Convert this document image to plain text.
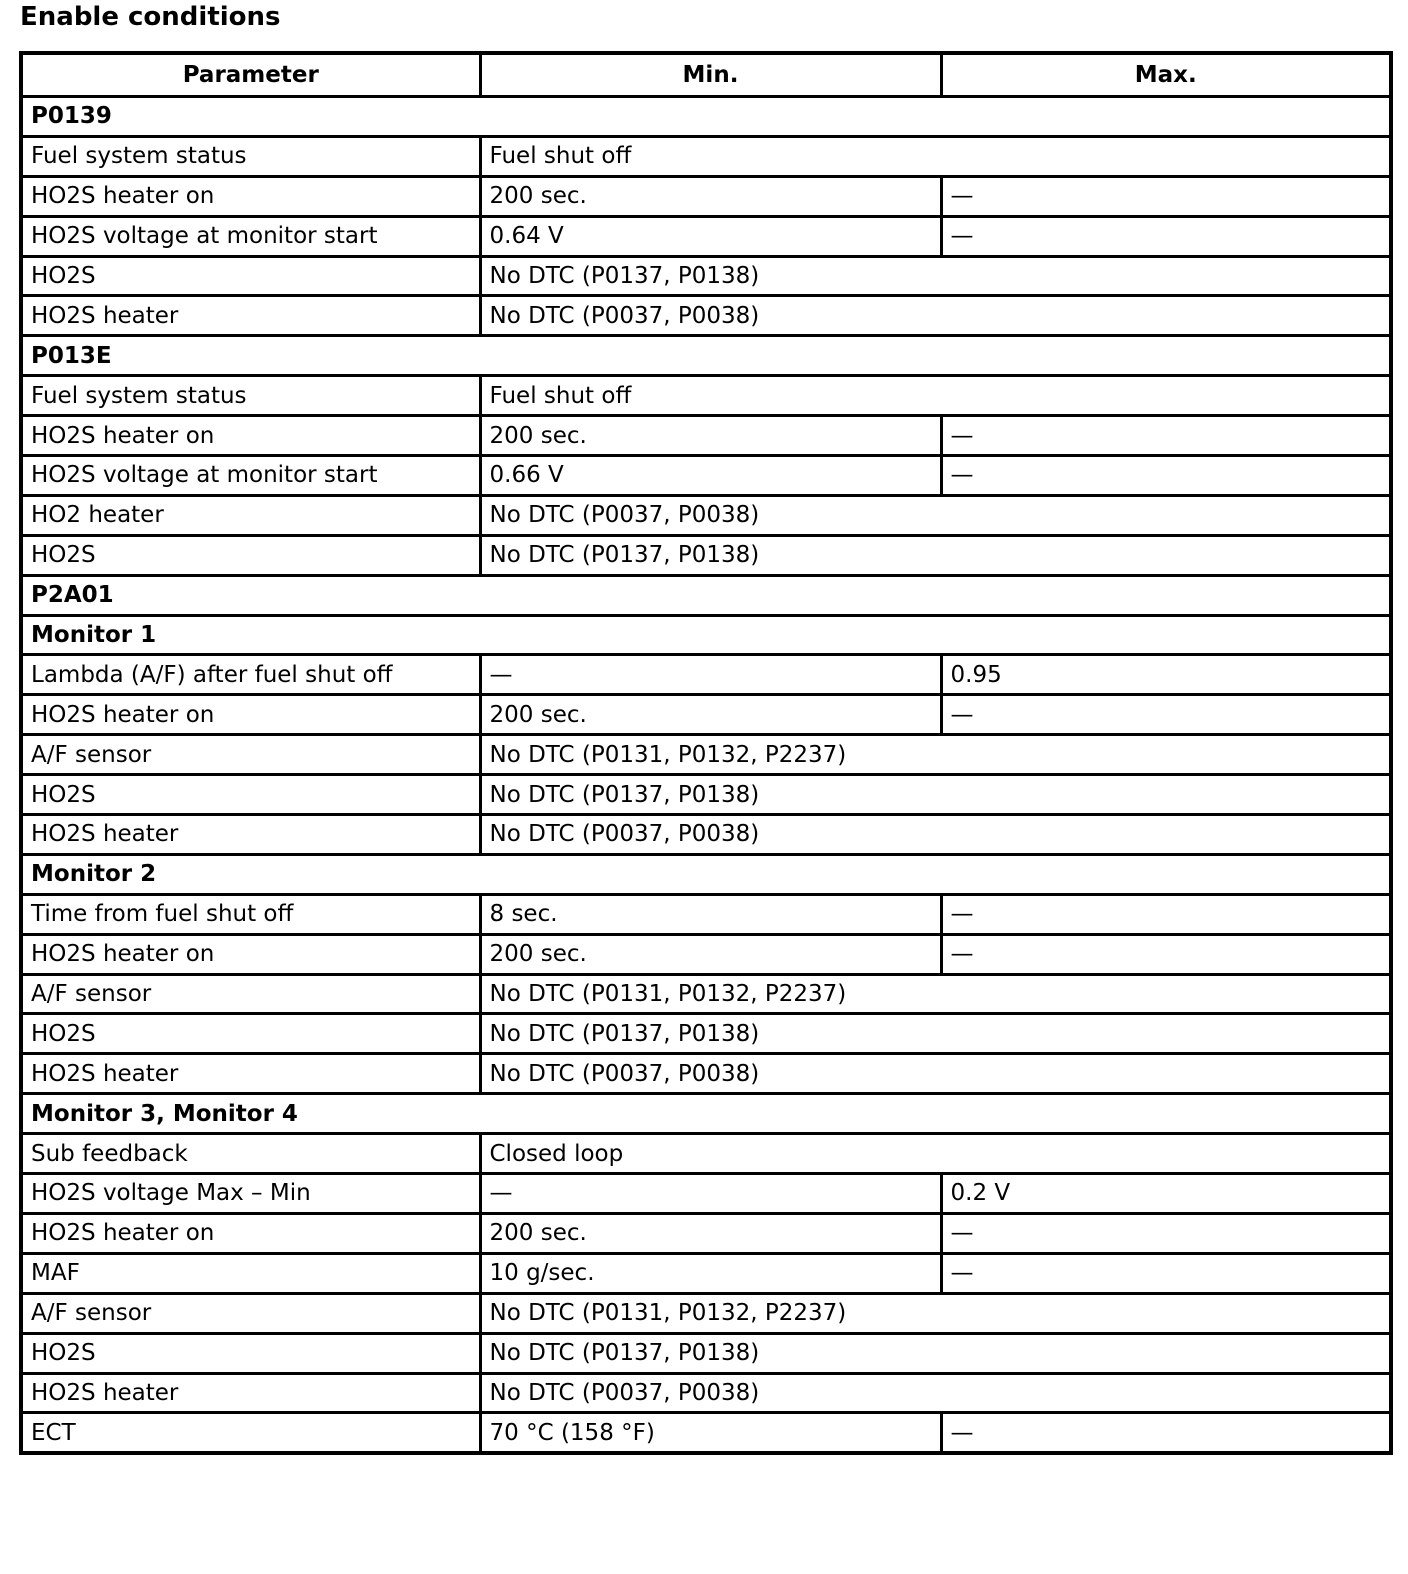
Enable conditions
Parameter	Min.	Max.
P0139		
Fuel system status	Fuel shut off	
HO2S heater on	200 sec.	—
HO2S voltage at monitor start	0.64 V	—
HO2S	No DTC (P0137, P0138)	
HO2S heater	No DTC (P0037, P0038)	
P013E		
Fuel system status	Fuel shut off	
HO2S heater on	200 sec.	—
HO2S voltage at monitor start	0.66 V	—
HO2 heater	No DTC (P0037, P0038)	
HO2S	No DTC (P0137, P0138)	
P2A01		
Monitor 1		
Lambda (A/F) after fuel shut off	—	0.95
HO2S heater on	200 sec.	—
A/F sensor	No DTC (P0131, P0132, P2237)	
HO2S	No DTC (P0137, P0138)	
HO2S heater	No DTC (P0037, P0038)	
Monitor 2		
Time from fuel shut off	8 sec.	—
HO2S heater on	200 sec.	—
A/F sensor	No DTC (P0131, P0132, P2237)	
HO2S	No DTC (P0137, P0138)	
HO2S heater	No DTC (P0037, P0038)	
Monitor 3, Monitor 4		
Sub feedback	Closed loop	
HO2S voltage Max – Min	—	0.2 V
HO2S heater on	200 sec.	—
MAF	10 g/sec.	—
A/F sensor	No DTC (P0131, P0132, P2237)	
HO2S	No DTC (P0137, P0138)	
HO2S heater	No DTC (P0037, P0038)	
ECT	70 °C (158 °F)	—
